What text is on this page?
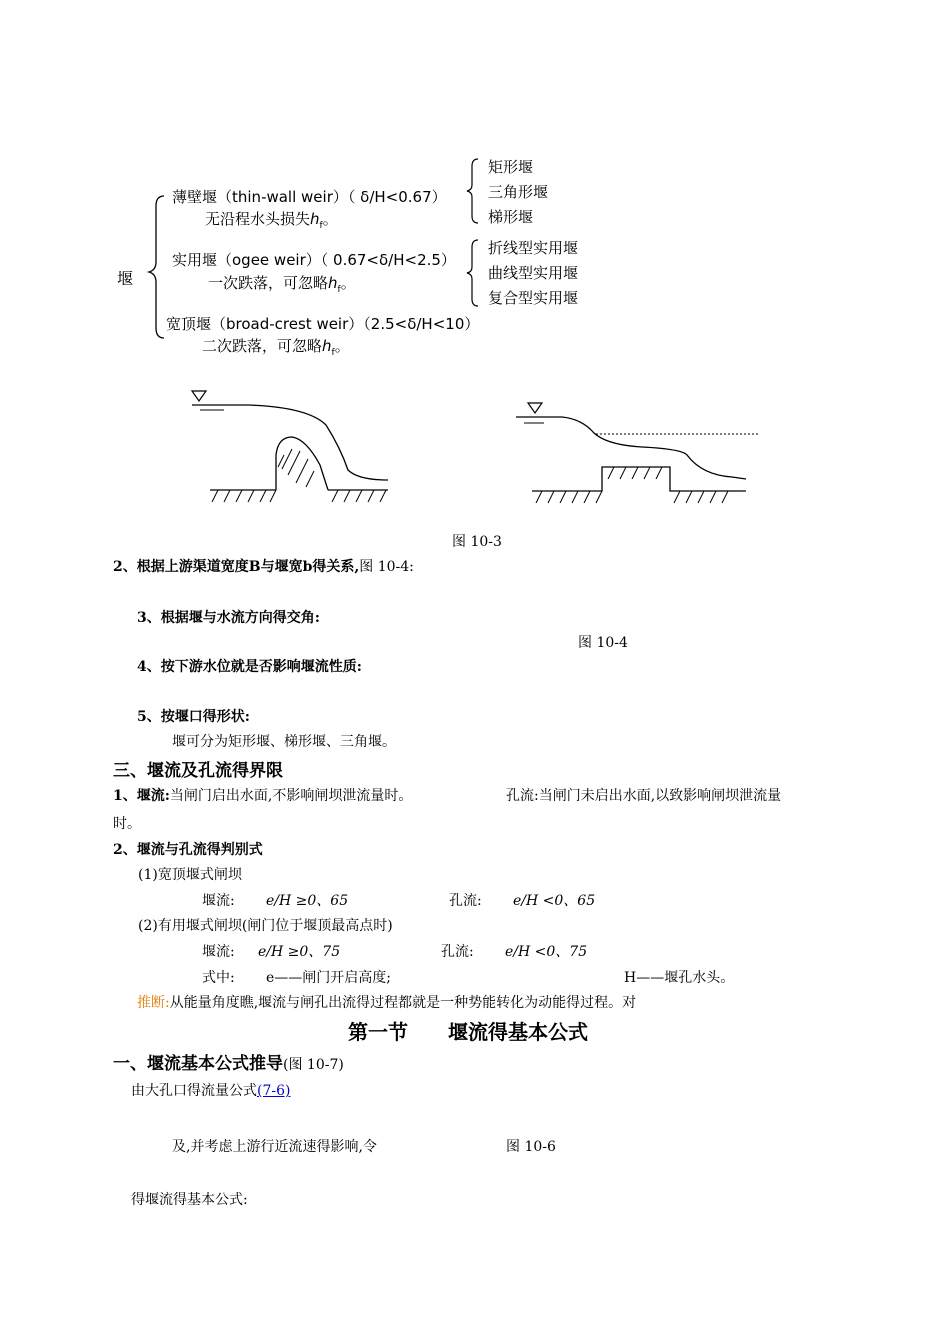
堰
薄壁堰（thin-wall weir）（ δ/H<0.67）
无沿程水头损失$h_f$。
实用堰（ogee weir）（ 0.67<δ/H<2.5）
一次跌落，可忽略$h_f$。
宽顶堰（broad-crest weir）（2.5<δ/H<10）
二次跌落，可忽略$h_f$。
矩形堰
三角形堰
梯形堰
折线型实用堰
曲线型实用堰
复合型实用堰
图 10-3
2、根据上游渠道宽度B与堰宽b得关系,图 10-4:
3、根据堰与水流方向得交角:
图 10-4
4、按下游水位就是否影响堰流性质:
5、按堰口得形状:
堰可分为矩形堰、梯形堰、三角堰。
三、堰流及孔流得界限
1、堰流:当闸门启出水面,不影响闸坝泄流量时。	孔流:当闸门未启出水面,以致影响闸坝泄流量
时。
2、堰流与孔流得判别式
(1)宽顶堰式闸坝
堰流: e/H ≥0、65	孔流: e/H <0、65
(2)有用堰式闸坝(闸门位于堰顶最高点时)
堰流: e/H ≥0、75	孔流: e/H <0、75
式中: e——闸门开启高度;	H——堰孔水头。
推断:从能量角度瞧,堰流与闸孔出流得过程都就是一种势能转化为动能得过程。对
第一节　　堰流得基本公式
一、堰流基本公式推导(图 10-7)
由大孔口得流量公式(7-6)
及,并考虑上游行近流速得影响,令	图 10-6
得堰流得基本公式:
